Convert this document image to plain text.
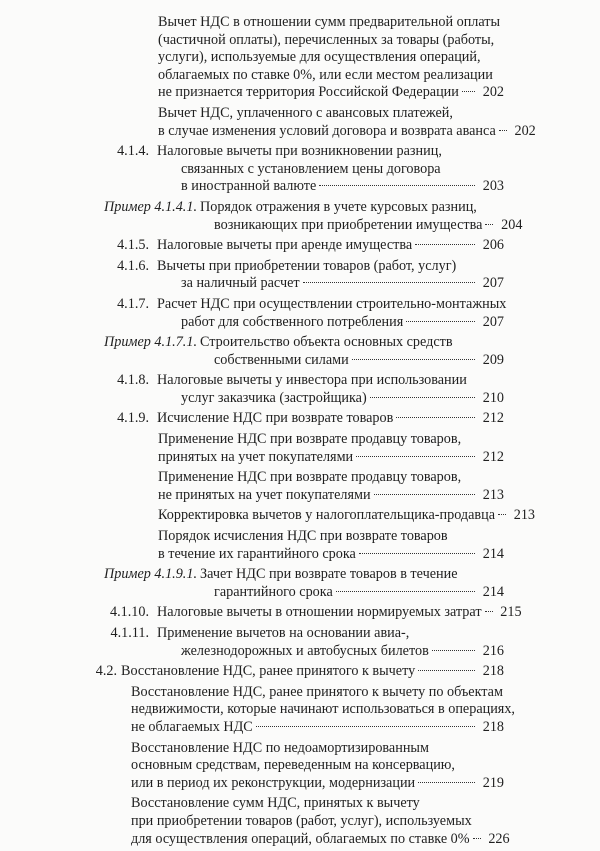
Вычет НДС в отношении сумм предварительной оплаты
(частичной оплаты), перечисленных за товары (работы,
услуги), используемые для осуществления операций,
облагаемых по ставке 0%, или если местом реализации
не признается территория Российской Федерации	202
Вычет НДС, уплаченного с авансовых платежей,
в случае изменения условий договора и возврата аванса	202
4.1.4. Налоговые вычеты при возникновении разниц,
связанных с установлением цены договора
в иностранной валюте	203
Пример 4.1.4.1. Порядок отражения в учете курсовых разниц,
возникающих при приобретении имущества	204
4.1.5. Налоговые вычеты при аренде имущества	206
4.1.6. Вычеты при приобретении товаров (работ, услуг)
за наличный расчет	207
4.1.7. Расчет НДС при осуществлении строительно-монтажных
работ для собственного потребления	207
Пример 4.1.7.1. Строительство объекта основных средств
собственными силами	209
4.1.8. Налоговые вычеты у инвестора при использовании
услуг заказчика (застройщика)	210
4.1.9. Исчисление НДС при возврате товаров	212
Применение НДС при возврате продавцу товаров,
принятых на учет покупателями	212
Применение НДС при возврате продавцу товаров,
не принятых на учет покупателями	213
Корректировка вычетов у налогоплательщика-продавца	213
Порядок исчисления НДС при возврате товаров
в течение их гарантийного срока	214
Пример 4.1.9.1. Зачет НДС при возврате товаров в течение
гарантийного срока	214
4.1.10. Налоговые вычеты в отношении нормируемых затрат	215
4.1.11. Применение вычетов на основании авиа-,
железнодорожных и автобусных билетов	216
4.2. Восстановление НДС, ранее принятого к вычету	218
Восстановление НДС, ранее принятого к вычету по объектам
недвижимости, которые начинают использоваться в операциях,
не облагаемых НДС	218
Восстановление НДС по недоамортизированным
основным средствам, переведенным на консервацию,
или в период их реконструкции, модернизации	219
Восстановление сумм НДС, принятых к вычету
при приобретении товаров (работ, услуг), используемых
для осуществления операций, облагаемых по ставке 0%	226
